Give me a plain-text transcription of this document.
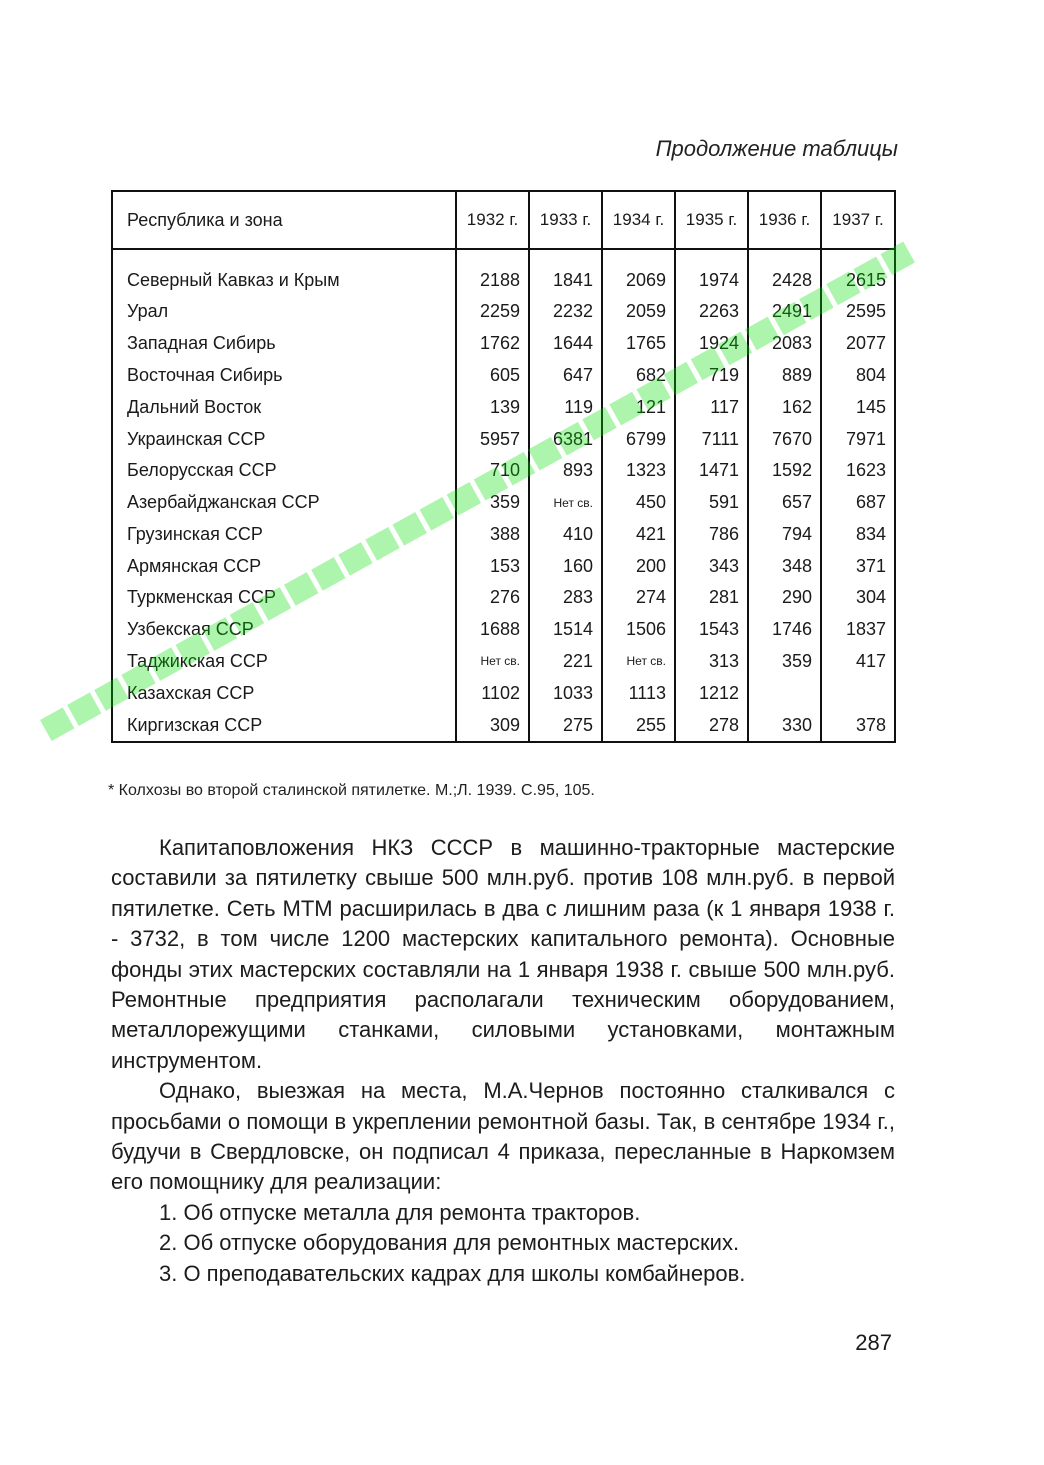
Продолжение таблицы
Республика и зона	1932 г.	1933 г.	1934 г.	1935 г.	1936 г.	1937 г.

Северный Кавказ и Крым	2188	1841	2069	1974	2428	2615
Урал	2259	2232	2059	2263	2491	2595
Западная Сибирь	1762	1644	1765	1924	2083	2077
Восточная Сибирь	605	647	682	719	889	804
Дальний Восток	139	119	121	117	162	145
Украинская ССР	5957	6381	6799	7111	7670	7971
Белорусская ССР	710	893	1323	1471	1592	1623
Азербайджанская ССР	359	Нет св.	450	591	657	687
Грузинская ССР	388	410	421	786	794	834
Армянская ССР	153	160	200	343	348	371
Туркменская ССР	276	283	274	281	290	304
Узбекская ССР	1688	1514	1506	1543	1746	1837
Таджикская ССР	Нет св.	221	Нет св.	313	359	417
Казахская ССР	1102	1033	1113	1212		
Киргизская ССР	309	275	255	278	330	378
* Колхозы во второй сталинской пятилетке. М.;Л. 1939. С.95, 105.

Капитаповложения НКЗ СССР в машинно-тракторные мастерские составили за пятилетку свыше 500 млн.руб. против 108 млн.руб. в первой пятилетке. Сеть МТМ расширилась в два с лишним раза (к 1 января 1938 г. - 3732, в том числе 1200 мастерских капитального ремонта). Основные фонды этих мастерских составляли на 1 января 1938 г. свыше 500 млн.руб. Ремонтные предприятия располагали техническим оборудованием, металлорежущими станками, силовыми установками, монтажным инструментом.

Однако, выезжая на места, М.А.Чернов постоянно сталкивался с просьбами о помощи в укреплении ремонтной базы. Так, в сентябре 1934 г., будучи в Свердловске, он подписал 4 приказа, пересланные в Наркомзем его помощнику для реализации:

1. Об отпуске металла для ремонта тракторов.
2. Об отпуске оборудования для ремонтных мастерских.
3. О преподавательских кадрах для школы комбайнеров.
287
